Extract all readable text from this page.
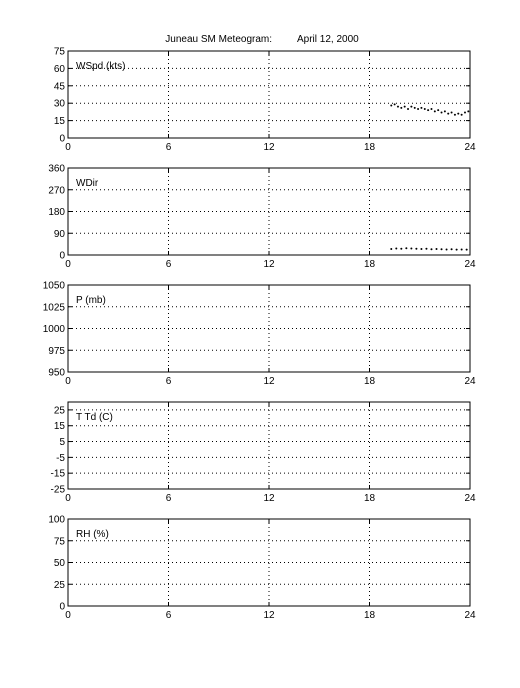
Juneau SM Meteogram:	April 12, 2000
0	6	12	18	24
0
15
30
45
60
75
WSpd (kts)
0	6	12	18	24
0
90
180
270
360
WDir
0	6	12	18	24
950
975
1000
1025
1050
P (mb)
0	6	12	18	24
-25
-15
-5
5
15
25
T Td (C)
0	6	12	18	24
0
25
50
75
100
RH (%)
